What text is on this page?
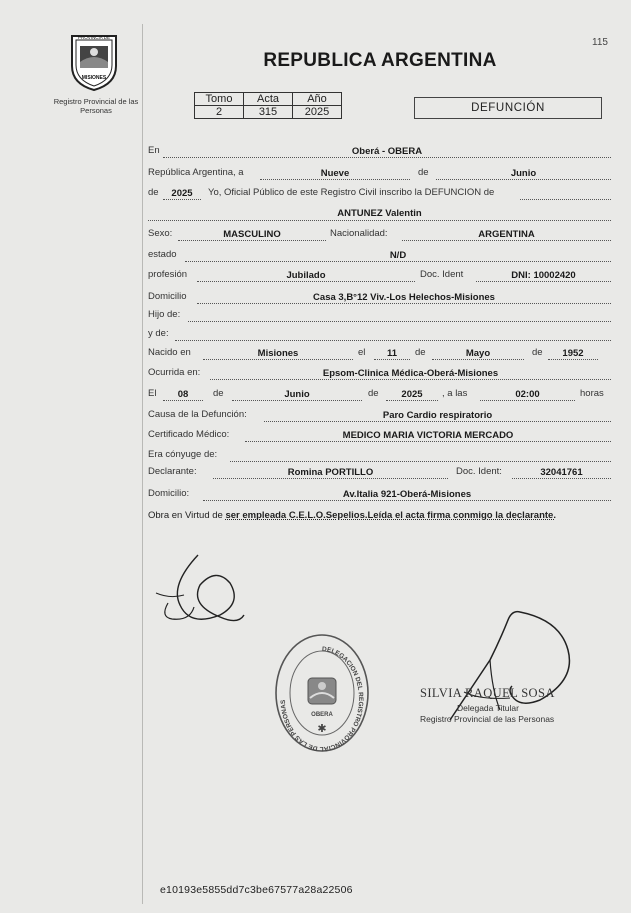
PROVINCIA DE
MISIONES
Registro Provincial de las Personas
115
REPUBLICA ARGENTINA
Tomo	Acta	Año
2	315	2025	DEFUNCIÓN
En	Oberá - OBERA
República Argentina, a	Nueve	de	Junio
de	2025	Yo, Oficial Público de este Registro Civil inscribo la DEFUNCION de
ANTUNEZ Valentin
Sexo:	MASCULINO	Nacionalidad:	ARGENTINA
estado	N/D
profesión	Jubilado	Doc. Ident	DNI: 10002420
Domicilio	Casa 3,B°12 Viv.-Los Helechos-Misiones
Hijo de:
y de:
Nacido en	Misiones	el	11	de	Mayo	de	1952
Ocurrida en:	Epsom-Clinica Médica-Oberá-Misiones
El	08	de	Junio	de	2025	, a las	02:00	horas
Causa de la Defunción:	Paro Cardio respiratorio
Certificado Médico:	MEDICO MARIA VICTORIA MERCADO
Era cónyuge de:
Declarante:	Romina PORTILLO	Doc. Ident:	32041761
Domicilio:	Av.Italia 921-Oberá-Misiones
Obra en Virtud de ser empleada C.E.L.O.Sepelios.Leída el acta firma conmigo la declarante.
DELEGACION DEL REGISTRO PROVINCIAL DE LAS PERSONAS
OBERA
✱
SILVIA RAQUEL SOSA
Delegada Titular
Registro Provincial de las Personas
e10193e5855dd7c3be67577a28a22506
